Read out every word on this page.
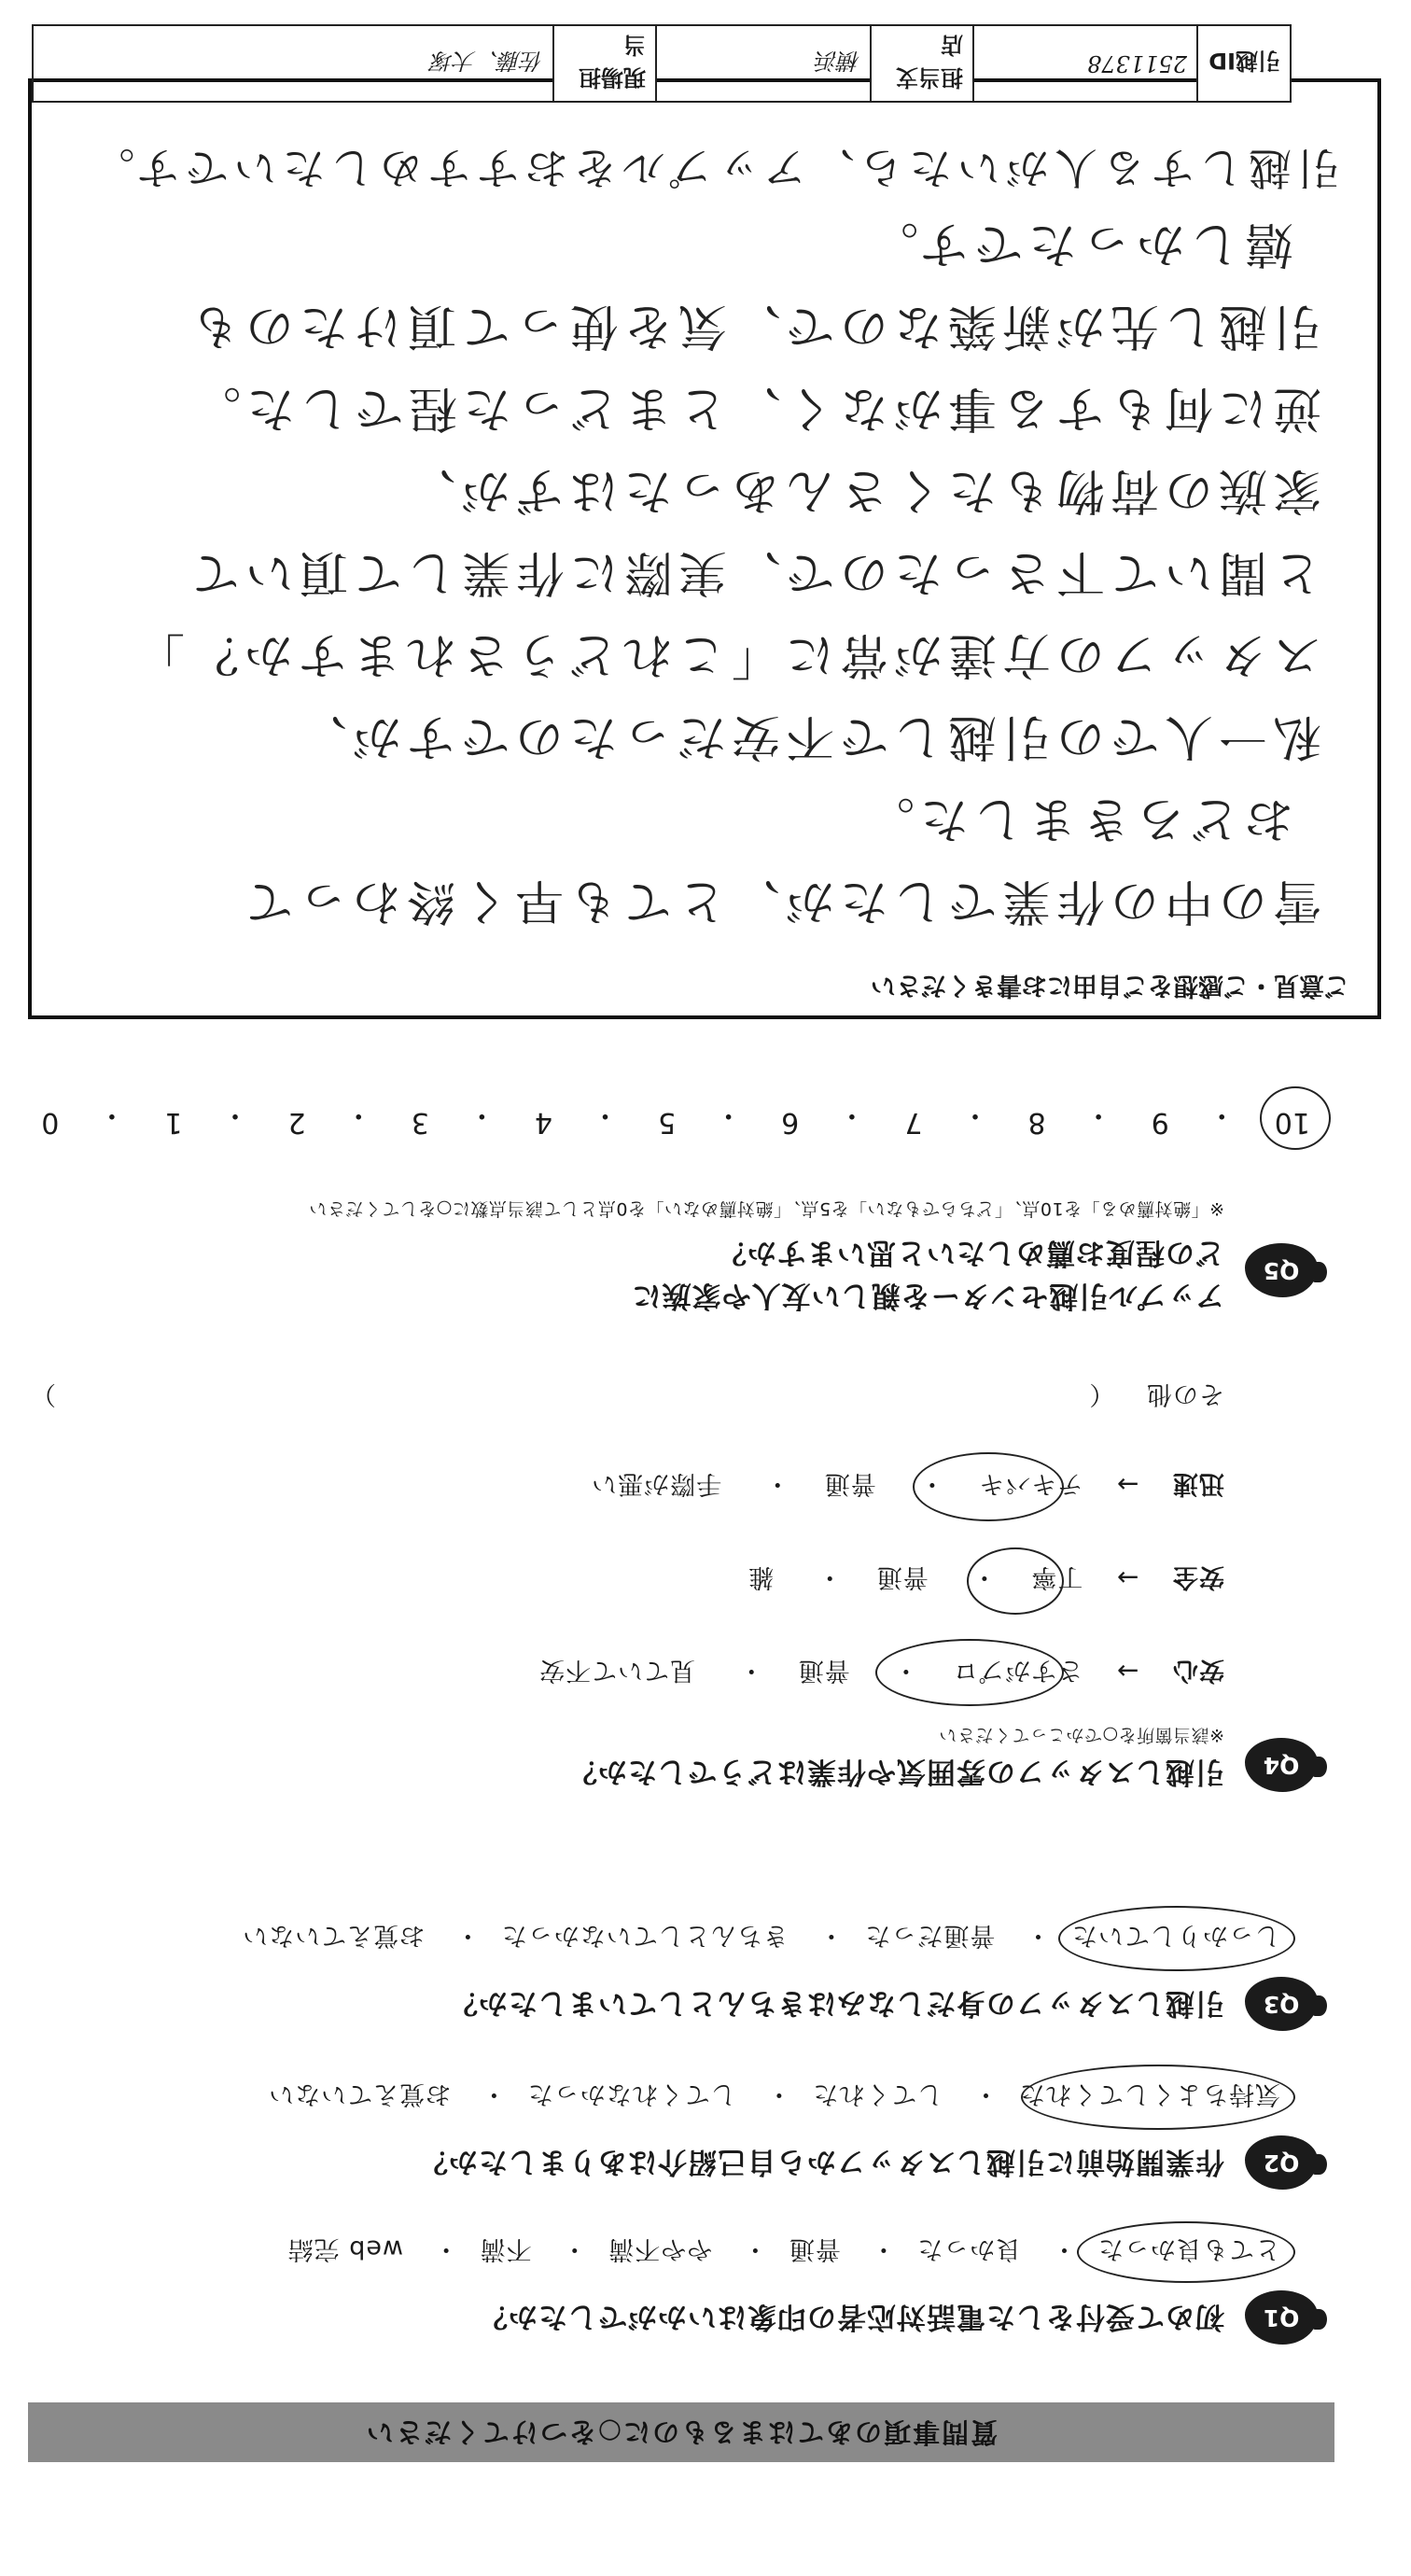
質問事項のあてはまるものに○をつけてください
Q1
初めて受付をした電話対応者の印象はいかがでしたか？
とても良かった・ 良かった・ 普通・ やや不満・ 不満・ web 完結
Q2
作業開始前に引越しスタッフから自己紹介はありましたか？
気持ちよくしてくれた・ してくれた・ してくれなかった・ お覚えていない
Q3
引越しスタッフの身だしなみはきちんとしていましたか？
しっかりしていた・ 普通だった・ きちんとしていなかった・ お覚えていない
Q4
引越しスタッフの雰囲気や作業はどうでしたか？
※該当箇所を○でかこってください
安心 → さすがプロ・ 普通・ 見ていて不安
安全 → 丁寧・ 普通・ 雑
迅速 → テキパキ・ 普通・ 手際が悪い
その他 （
）
Q5
アップル引越センターを親しい友人や家族に
どの程度お薦めしたいと思いますか？
※「絶対薦める」を10点、「どちらでもない」を5点、「絶対薦めない」を0点として該当点数に○をしてください
10
・
9
・
8
・
7
・
6
・
5
・
4
・
3
・
2
・
1
・
0
ご意見・ご感想をご自由にお書きください
雪の中の作業でしたが、とても早く終わって
おどろきました。
私一人での引越しで不安だったのですが、
スタッフの方達が常に「これどうされますか？」
と聞いて下さったので、実際に作業して頂いて
家族の荷物もたくさんあったはずが、
逆に何もする事がなく、とまどった程でした。
引越し先が新築なので、気を使って頂けたのも
嬉しかったです。
引越しする人がいたら、アップルをおすすめしたいです。
引越ID
2511378
担当支店
横浜
現場担当
佐藤、大塚
